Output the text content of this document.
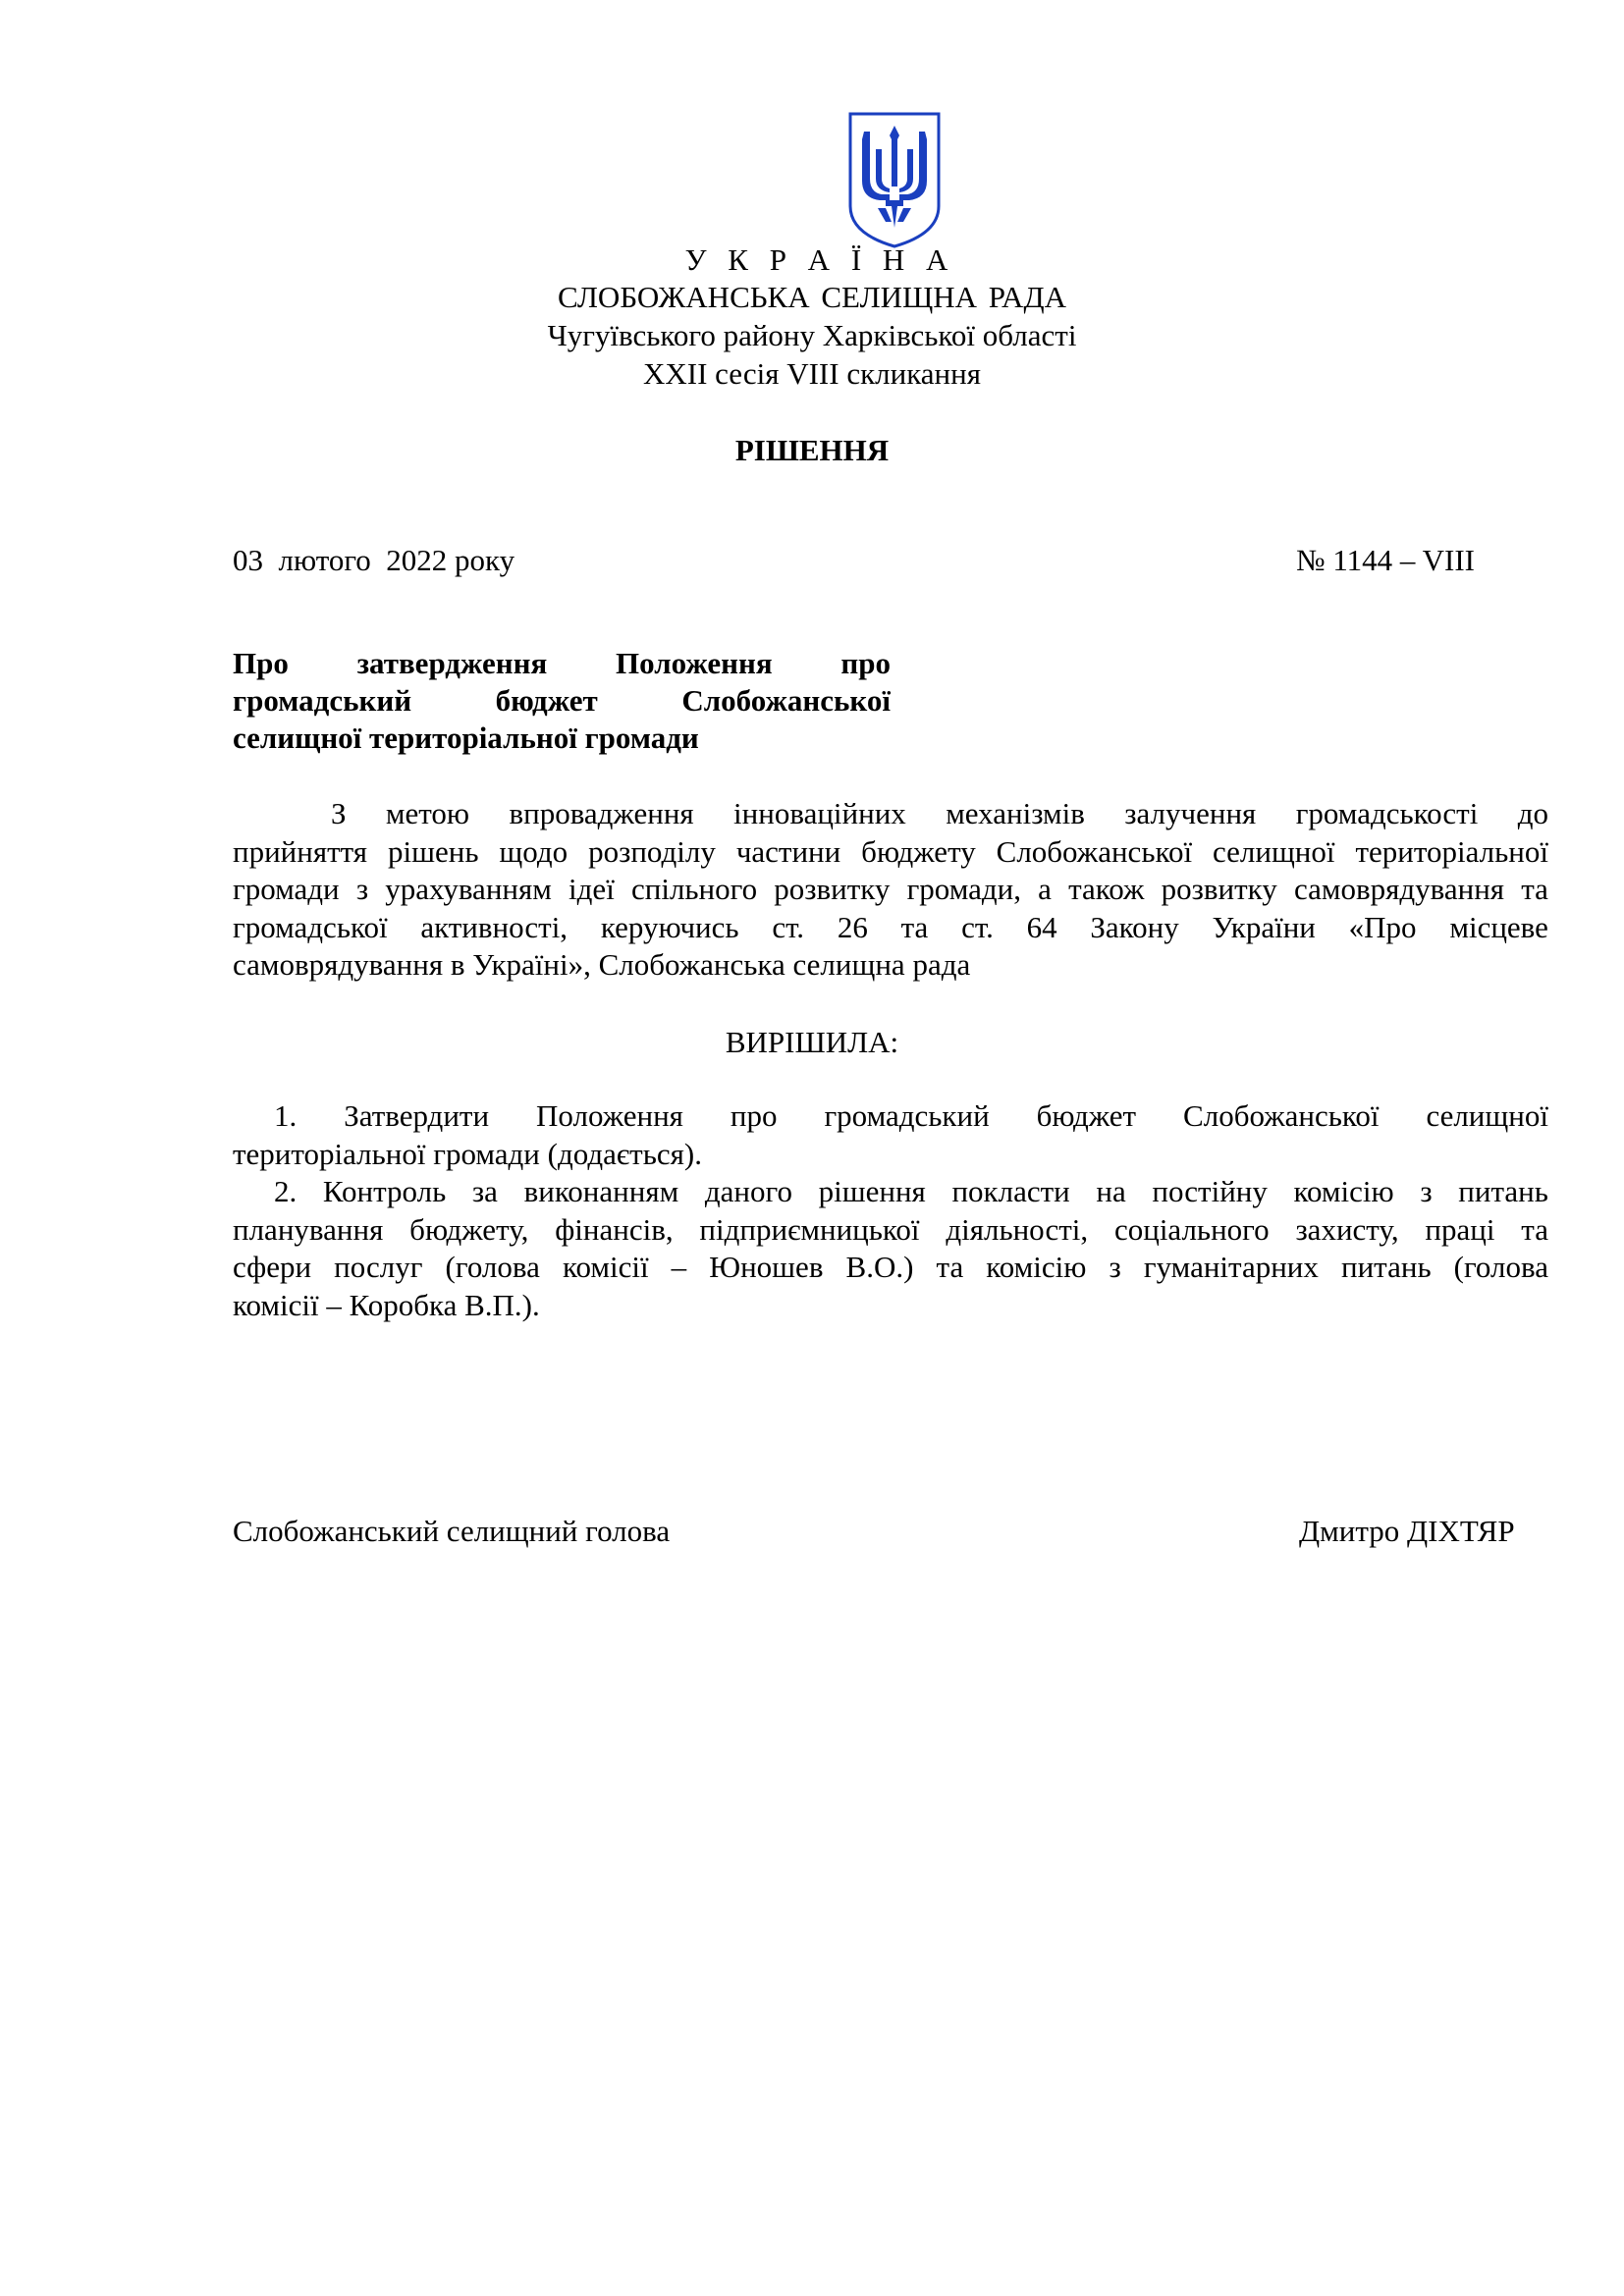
У К Р А Ї Н А
СЛОБОЖАНСЬКА СЕЛИЩНА РАДА
Чугуївського району Харківської області
XXII сесія VIII скликання
РІШЕННЯ
03  лютого  2022 року	№ 1144 – VIII
Про затвердження Положення про
громадський	бюджет	Слобожанської
селищної територіальної громади
З метою впровадження інноваційних механізмів залучення громадськості до
прийняття рішень щодо розподілу частини бюджету Слобожанської селищної територіальної
громади з урахуванням ідеї спільного розвитку громади, а також розвитку самоврядування та
громадської активності, керуючись ст. 26 та ст. 64 Закону України «Про місцеве
самоврядування в Україні», Слобожанська селищна рада
ВИРІШИЛА:
1. Затвердити Положення про громадський бюджет Слобожанської селищної
територіальної громади (додається).
2. Контроль за виконанням даного рішення покласти на постійну комісію з питань
планування бюджету, фінансів, підприємницької діяльності, соціального захисту, праці та
сфери послуг (голова комісії – Юношев В.О.) та комісію з гуманітарних питань (голова
комісії – Коробка В.П.).
Слобожанський селищний голова	Дмитро ДІХТЯР
